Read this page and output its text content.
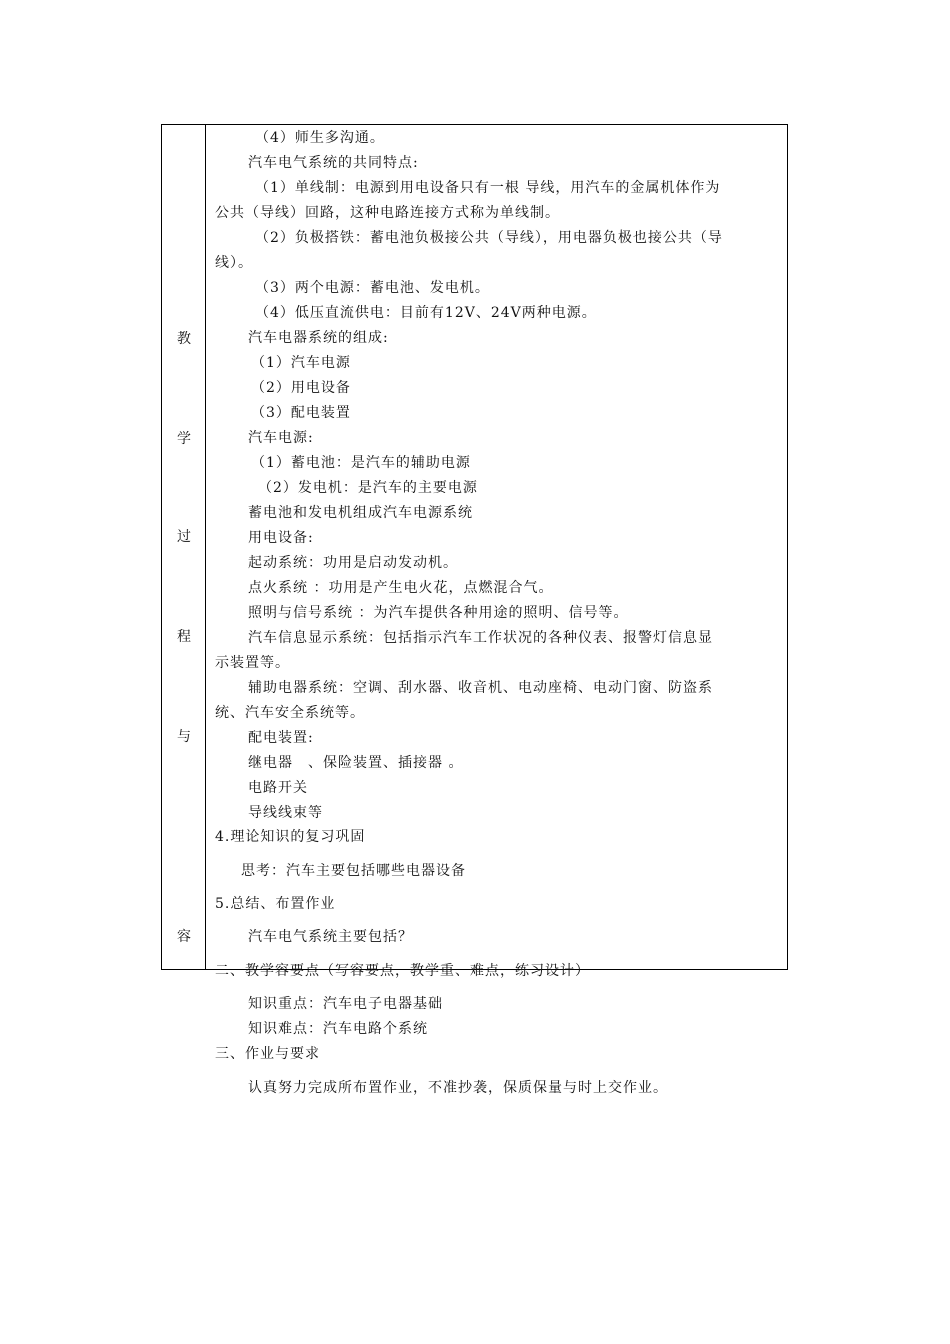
教
学
过
程
与
容
（4）师生多沟通。
汽车电气系统的共同特点:
（1）单线制：电源到用电设备只有一根 导线，用汽车的金属机体作为
公共（导线）回路，这种电路连接方式称为单线制。
（2）负极搭铁：蓄电池负极接公共（导线），用电器负极也接公共（导
线）。
（3）两个电源：蓄电池、发电机。
（4）低压直流供电：目前有12V、24V两种电源。
汽车电器系统的组成:
（1）汽车电源
（2）用电设备
（3）配电装置
汽车电源:
（1）蓄电池：是汽车的辅助电源
（2）发电机：是汽车的主要电源
蓄电池和发电机组成汽车电源系统
用电设备:
起动系统：功用是启动发动机。
点火系统 ：功用是产生电火花，点燃混合气。
照明与信号系统 ：为汽车提供各种用途的照明、信号等。
汽车信息显示系统：包括指示汽车工作状况的各种仪表、报警灯信息显
示装置等。
辅助电器系统：空调、刮水器、收音机、电动座椅、电动门窗、防盗系
统、汽车安全系统等。
配电装置:
继电器　、保险装置、插接器 。
电路开关
导线线束等
4.理论知识的复习巩固
思考：汽车主要包括哪些电器设备
5.总结、布置作业
汽车电气系统主要包括？
二、教学容要点（写容要点，教学重、难点，练习设计）
知识重点：汽车电子电器基础
知识难点：汽车电路个系统
三、作业与要求
认真努力完成所布置作业，不准抄袭，保质保量与时上交作业。
